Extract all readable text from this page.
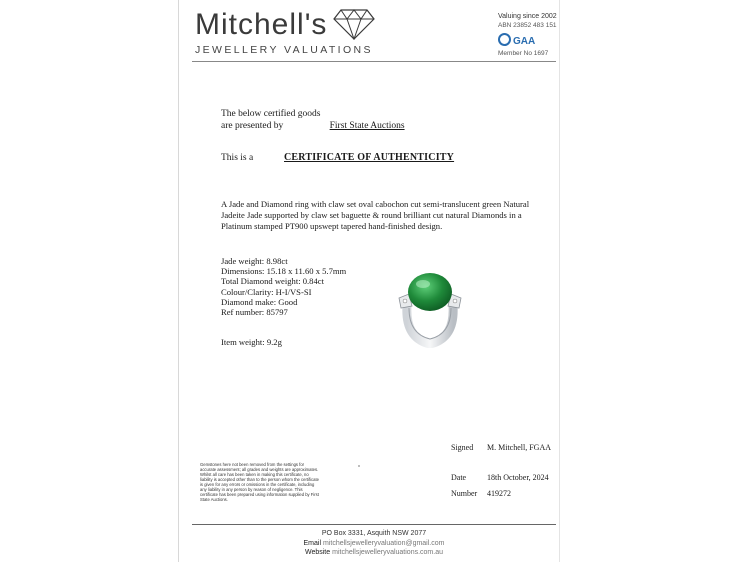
Mitchell's
JEWELLERY VALUATIONS
Valuing since 2002
ABN 23852 483 151
GAA
Member No 1697
The below certified goods
are presented by	First State Auctions
This is a	CERTIFICATE OF AUTHENTICITY
A Jade and Diamond ring with claw set oval cabochon cut semi-translucent green Natural Jadeite Jade supported by claw set baguette & round brilliant cut natural Diamonds in a Platinum stamped PT900 upswept tapered hand-finished design.
Jade weight: 8.98ct
Dimensions: 15.18 x 11.60 x 5.7mm
Total Diamond weight: 0.84ct
Colour/Clarity: H-I/VS-SI
Diamond make: Good
Ref number: 85797
Item weight: 9.2g
Gemstones here not been removed from the settings for accurate assessment; all grades and weights are approximates. Whilst all care has been taken in making this certificate, no liability is accepted other than to the person whom the certificate is given for any errors or omissions in the certificate, including any liability in any person by reason of negligence. This certificate has been prepared using information supplied by First State Auctions.
Signed M. Mitchell, FGAA
Date	18th October, 2024
Number 419272
PO Box 3331, Asquith NSW 2077
Email mitchellsjewelleryvaluation@gmail.com
Website mitchellsjewelleryvaluations.com.au
